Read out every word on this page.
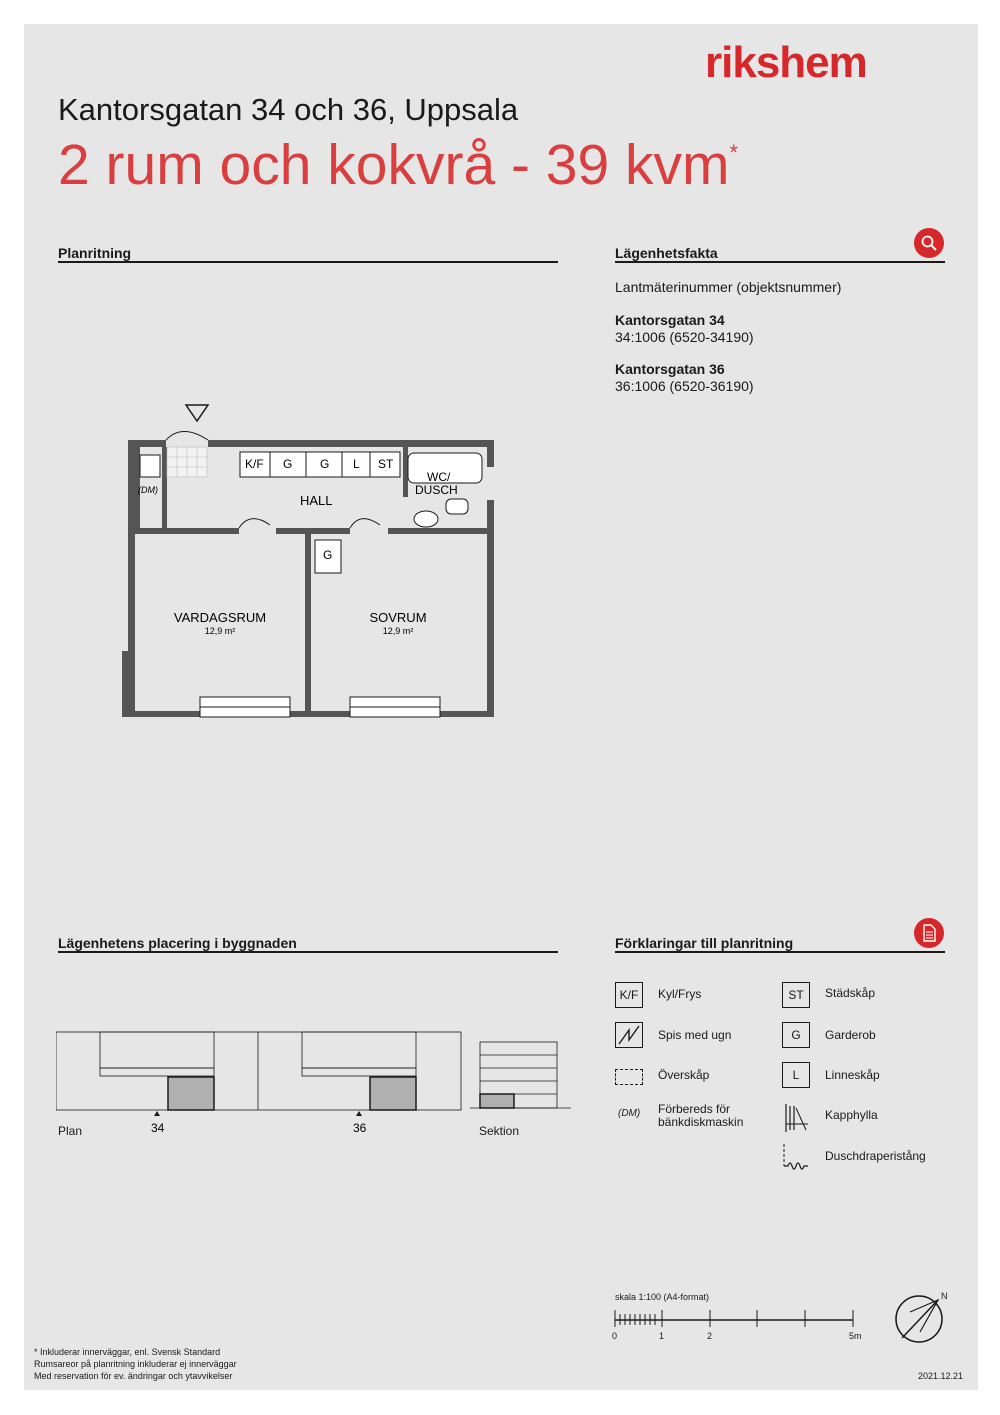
rikshem
Kantorsgatan 34 och 36, Uppsala
2 rum och kokvrå - 39 kvm*
Planritning	Lägenhetsfakta
Lantmäterinummer (objektsnummer)
Kantorsgatan 34
34:1006 (6520-34190)
Kantorsgatan 36
36:1006 (6520-36190)
(DM)
K/F G G L ST
HALL
WC/
DUSCH
G
VARDAGSRUM
12,9 m²
SOVRUM
12,9 m²
Lägenhetens placering i byggnaden
34	36
Plan	Sektion
Förklaringar till planritning
K/F	Kyl/Frys
Spis med ugn
Överskåp
(DM) Förbereds för
bänkdiskmaskin
ST	Städskåp
G	Garderob
L	Linneskåp
Kapphylla
Duschdraperistång
skala 1:100 (A4-format)
0	1	2	5m
N
* Inkluderar innerväggar, enl. Svensk Standard
Rumsareor på planritning inkluderar ej innerväggar
Med reservation för ev. ändringar och ytavvikelser	2021.12.21
